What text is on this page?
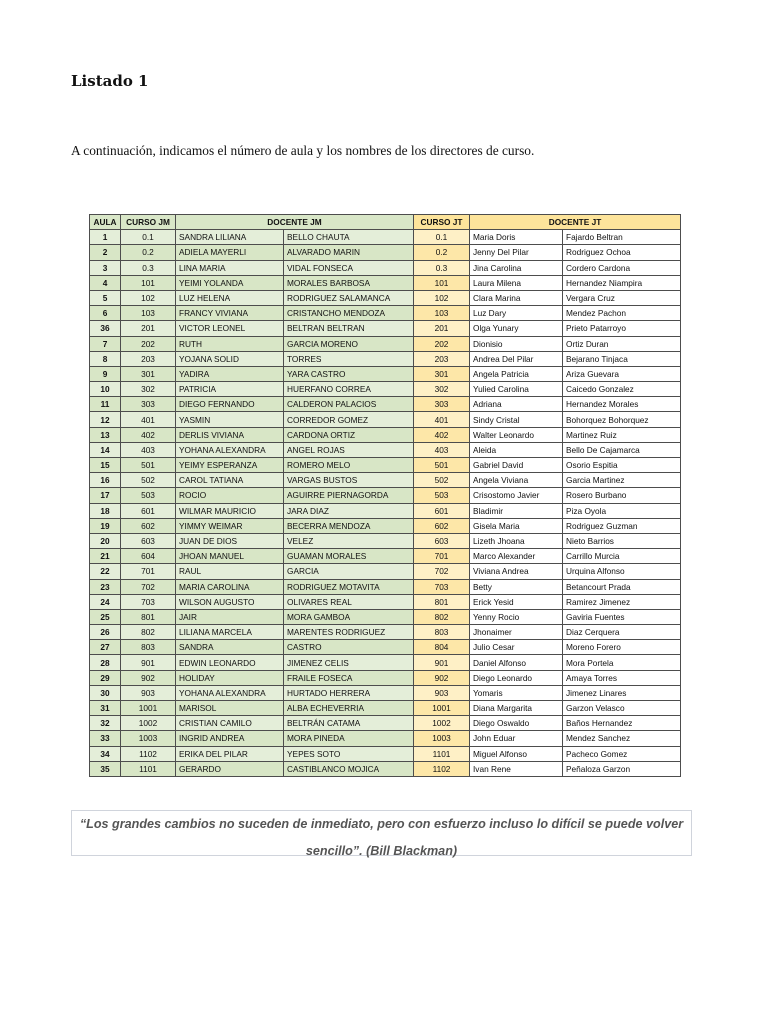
Listado 1
A continuación, indicamos el número de aula y los nombres de los directores de curso.
AULA	CURSO JM	DOCENTE JM		CURSO JT	DOCENTE JT	
1	0.1	SANDRA LILIANA	BELLO CHAUTA	0.1	Maria Doris	Fajardo Beltran
2	0.2	ADIELA MAYERLI	ALVARADO MARIN	0.2	Jenny Del Pilar	Rodriguez Ochoa
3	0.3	LINA MARIA	VIDAL FONSECA	0.3	Jina Carolina	Cordero Cardona
4	101	YEIMI YOLANDA	MORALES BARBOSA	101	Laura Milena	Hernandez Niampira
5	102	LUZ HELENA	RODRIGUEZ SALAMANCA	102	Clara Marina	Vergara Cruz
6	103	FRANCY VIVIANA	CRISTANCHO MENDOZA	103	Luz Dary	Mendez Pachon
36	201	VICTOR LEONEL	BELTRAN BELTRAN	201	Olga Yunary	Prieto Patarroyo
7	202	RUTH	GARCIA MORENO	202	Dionisio	Ortiz Duran
8	203	YOJANA SOLID	TORRES	203	Andrea Del Pilar	Bejarano Tinjaca
9	301	YADIRA	YARA CASTRO	301	Angela Patricia	Ariza Guevara
10	302	PATRICIA	HUERFANO CORREA	302	Yulied Carolina	Caicedo Gonzalez
11	303	DIEGO FERNANDO	CALDERON PALACIOS	303	Adriana	Hernandez Morales
12	401	YASMIN	CORREDOR GOMEZ	401	Sindy Cristal	Bohorquez Bohorquez
13	402	DERLIS VIVIANA	CARDONA ORTIZ	402	Walter Leonardo	Martinez Ruiz
14	403	YOHANA ALEXANDRA	ANGEL ROJAS	403	Aleida	Bello De Cajamarca
15	501	YEIMY ESPERANZA	ROMERO MELO	501	Gabriel David	Osorio Espitia
16	502	CAROL TATIANA	VARGAS BUSTOS	502	Angela Viviana	Garcia Martinez
17	503	ROCIO	AGUIRRE PIERNAGORDA	503	Crisostomo Javier	Rosero Burbano
18	601	WILMAR MAURICIO	JARA DIAZ	601	Bladimir	Piza Oyola
19	602	YIMMY WEIMAR	BECERRA MENDOZA	602	Gisela Maria	Rodriguez Guzman
20	603	JUAN DE DIOS	VELEZ	603	Lizeth Jhoana	Nieto Barrios
21	604	JHOAN MANUEL	GUAMAN MORALES	701	Marco Alexander	Carrillo Murcia
22	701	RAUL	GARCIA	702	Viviana Andrea	Urquina Alfonso
23	702	MARIA CAROLINA	RODRIGUEZ MOTAVITA	703	Betty	Betancourt Prada
24	703	WILSON AUGUSTO	OLIVARES REAL	801	Erick Yesid	Ramirez Jimenez
25	801	JAIR	MORA GAMBOA	802	Yenny Rocio	Gaviria Fuentes
26	802	LILIANA MARCELA	MARENTES RODRIGUEZ	803	Jhonaimer	Diaz Cerquera
27	803	SANDRA	CASTRO	804	Julio Cesar	Moreno Forero
28	901	EDWIN LEONARDO	JIMENEZ CELIS	901	Daniel Alfonso	Mora Portela
29	902	HOLIDAY	FRAILE FOSECA	902	Diego Leonardo	Amaya Torres
30	903	YOHANA ALEXANDRA	HURTADO HERRERA	903	Yomaris	Jimenez Linares
31	1001	MARISOL	ALBA ECHEVERRIA	1001	Diana Margarita	Garzon Velasco
32	1002	CRISTIAN CAMILO	BELTRÁN CATAMA	1002	Diego Oswaldo	Baños Hernandez
33	1003	INGRID ANDREA	MORA PINEDA	1003	John Eduar	Mendez Sanchez
34	1102	ERIKA DEL PILAR	YEPES SOTO	1101	Miguel Alfonso	Pacheco Gomez
35	1101	GERARDO	CASTIBLANCO MOJICA	1102	Ivan Rene	Peñaloza Garzon
“Los grandes cambios no suceden de inmediato, pero con esfuerzo incluso lo difícil se puede volver sencillo”. (Bill Blackman)
